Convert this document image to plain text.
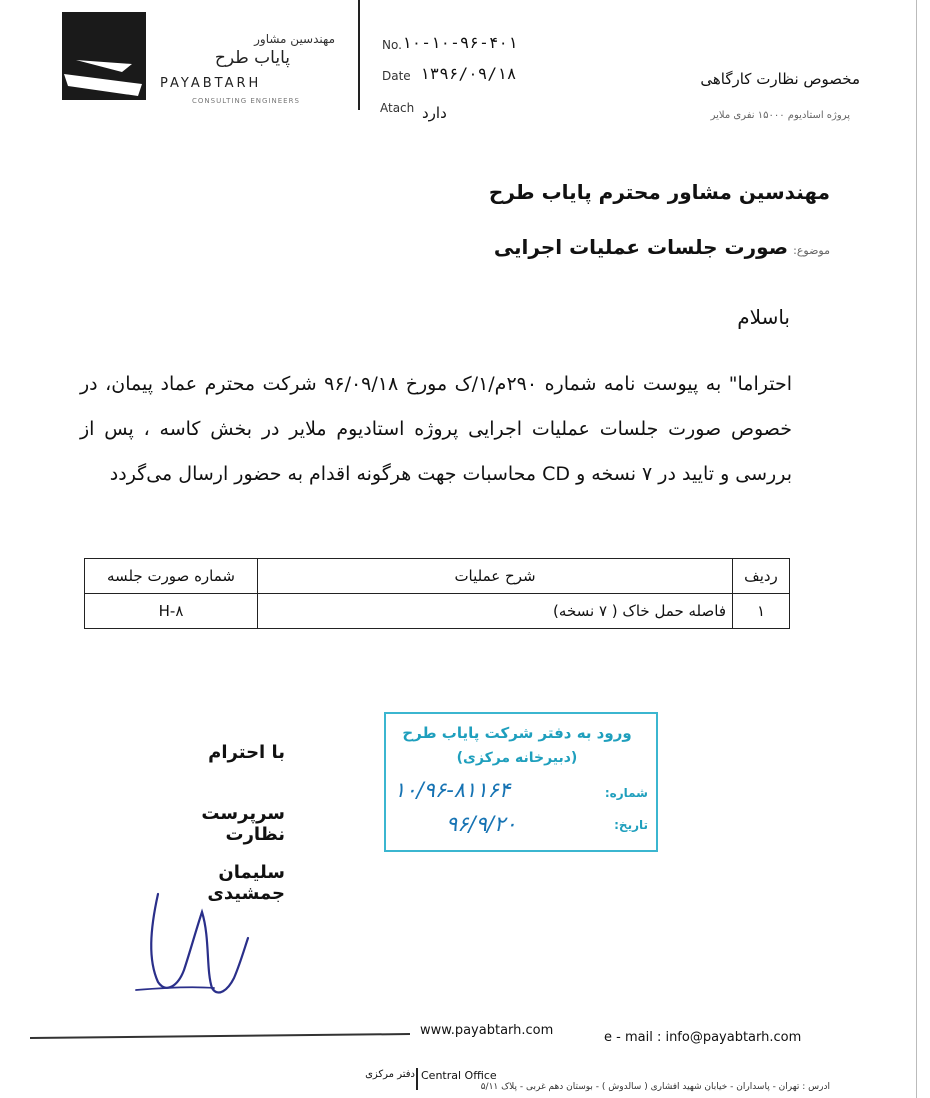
مهندسین مشاور
پایاب طرح
PAYABTARH
CONSULTING ENGINEERS
No. ۱۰-۱۰-۹۶-۴۰۱
Date ۱۳۹۶/۰۹/۱۸
Atach دارد
مخصوص نظارت کارگاهی
پروژه استادیوم ۱۵۰۰۰ نفری ملایر
مهندسین مشاور محترم پایاب طرح
موضوع: صورت جلسات عملیات اجرایی
باسلام
احتراما" به پیوست نامه شماره ۲۹۰م/۱/ک مورخ ۹۶/۰۹/۱۸ شرکت محترم عماد پیمان، در خصوص صورت جلسات عملیات اجرایی پروژه استادیوم ملایر در بخش کاسه ، پس از بررسی و تایید در ۷ نسخه و CD محاسبات جهت هرگونه اقدام به حضور ارسال می‌گردد
ردیف	شرح عملیات	شماره صورت جلسه
۱	فاصله حمل خاک ( ۷ نسخه)	H-۸
ورود به دفتر شرکت پایاب طرح
(دبیرخانه مرکزی)
شماره:
تاریخ:
۱۰/۹۶-۸۱۱۶۴
۹۶/۹/۲۰
با احترام
سرپرست نظارت
سلیمان جمشیدی
www.payabtarh.com	e - mail : info@payabtarh.com
دفتر مرکزی Central Office
آدرس : تهران - پاسداران - خیابان شهید افشاری ( سالدوش ) - بوستان دهم غربی - پلاک ۵/۱۱
